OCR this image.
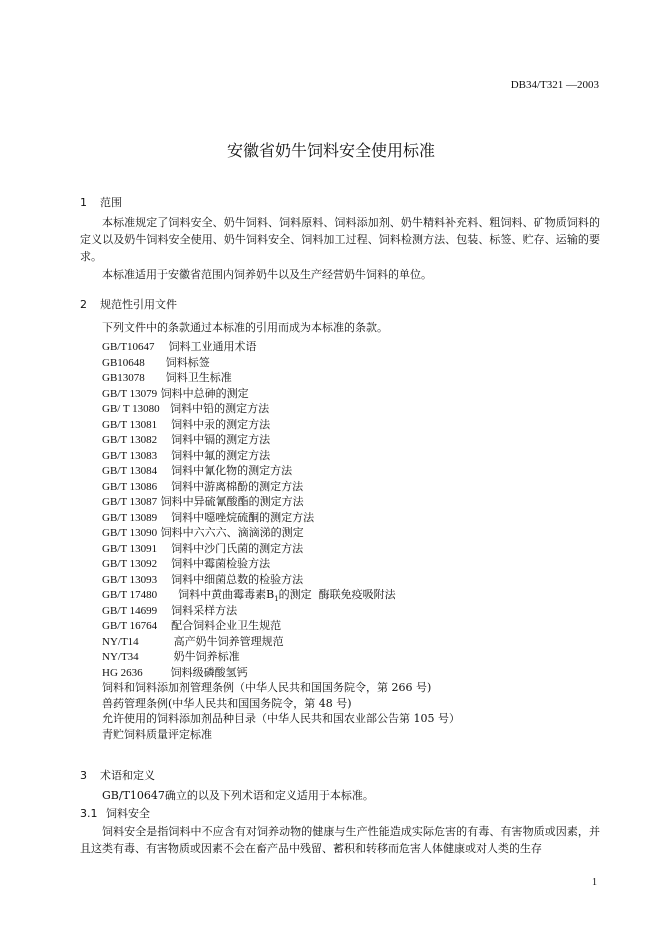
DB34/T321 —2003
安徽省奶牛饲料安全使用标准
1 范围

本标准规定了饲料安全、奶牛饲料、饲料原料、饲料添加剂、奶牛精料补充料、粗饲料、矿物质饲料的定义以及奶牛饲料安全使用、奶牛饲料安全、饲料加工过程、饲料检测方法、包装、标签、贮存、运输的要求。

本标准适用于安徽省范围内饲养奶牛以及生产经营奶牛饲料的单位。

2 规范性引用文件

下列文件中的条款通过本标准的引用而成为本标准的条款。

GB/T10647 饲料工业通用术语
GB10648 饲料标签
GB13078 饲料卫生标准
GB/T 13079 饲料中总砷的测定
GB/ T 13080 饲料中铅的测定方法
GB/T 13081 饲料中汞的测定方法
GB/T 13082 饲料中镉的测定方法
GB/T 13083 饲料中氟的测定方法
GB/T 13084 饲料中氰化物的测定方法
GB/T 13086 饲料中游离棉酚的测定方法
GB/T 13087 饲料中异硫氰酸酯的测定方法
GB/T 13089 饲料中噁唑烷硫酮的测定方法
GB/T 13090 饲料中六六六、滴滴涕的测定
GB/T 13091 饲料中沙门氏菌的测定方法
GB/T 13092 饲料中霉菌检验方法
GB/T 13093 饲料中细菌总数的检验方法
GB/T 17480 饲料中黄曲霉毒素$B_1$的测定  酶联免疫吸附法
GB/T 14699 饲料采样方法
GB/T 16764 配合饲料企业卫生规范
NY/T14	高产奶牛饲养管理规范
NY/T34	奶牛饲养标准
HG 2636	饲料级磷酸氢钙
饲料和饲料添加剂管理条例（中华人民共和国国务院令，第 266 号)
兽药管理条例(中华人民共和国国务院令，第 48 号)
允许使用的饲料添加剂品种目录（中华人民共和国农业部公告第 105 号）
青贮饲料质量评定标准
3 术语和定义

GB/T10647确立的以及下列术语和定义适用于本标准。

3.1 饲料安全

饲料安全是指饲料中不应含有对饲养动物的健康与生产性能造成实际危害的有毒、有害物质或因素，并且这类有毒、有害物质或因素不会在畜产品中残留、蓄积和转移而危害人体健康或对人类的生存

1
